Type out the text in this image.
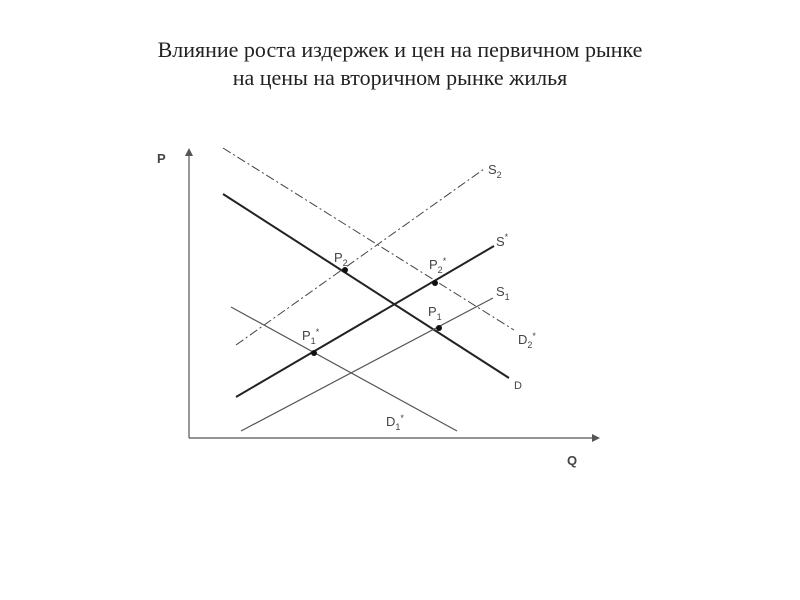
Влияние роста издержек и цен на первичном рынке
на цены на вторичном рынке жилья
P
Q
$S_2$
S*
$S_1$
$D_2^*$
D
$D_1^*$
$P_2$	$P_2^*$
$P_1$
$P_1^*$
